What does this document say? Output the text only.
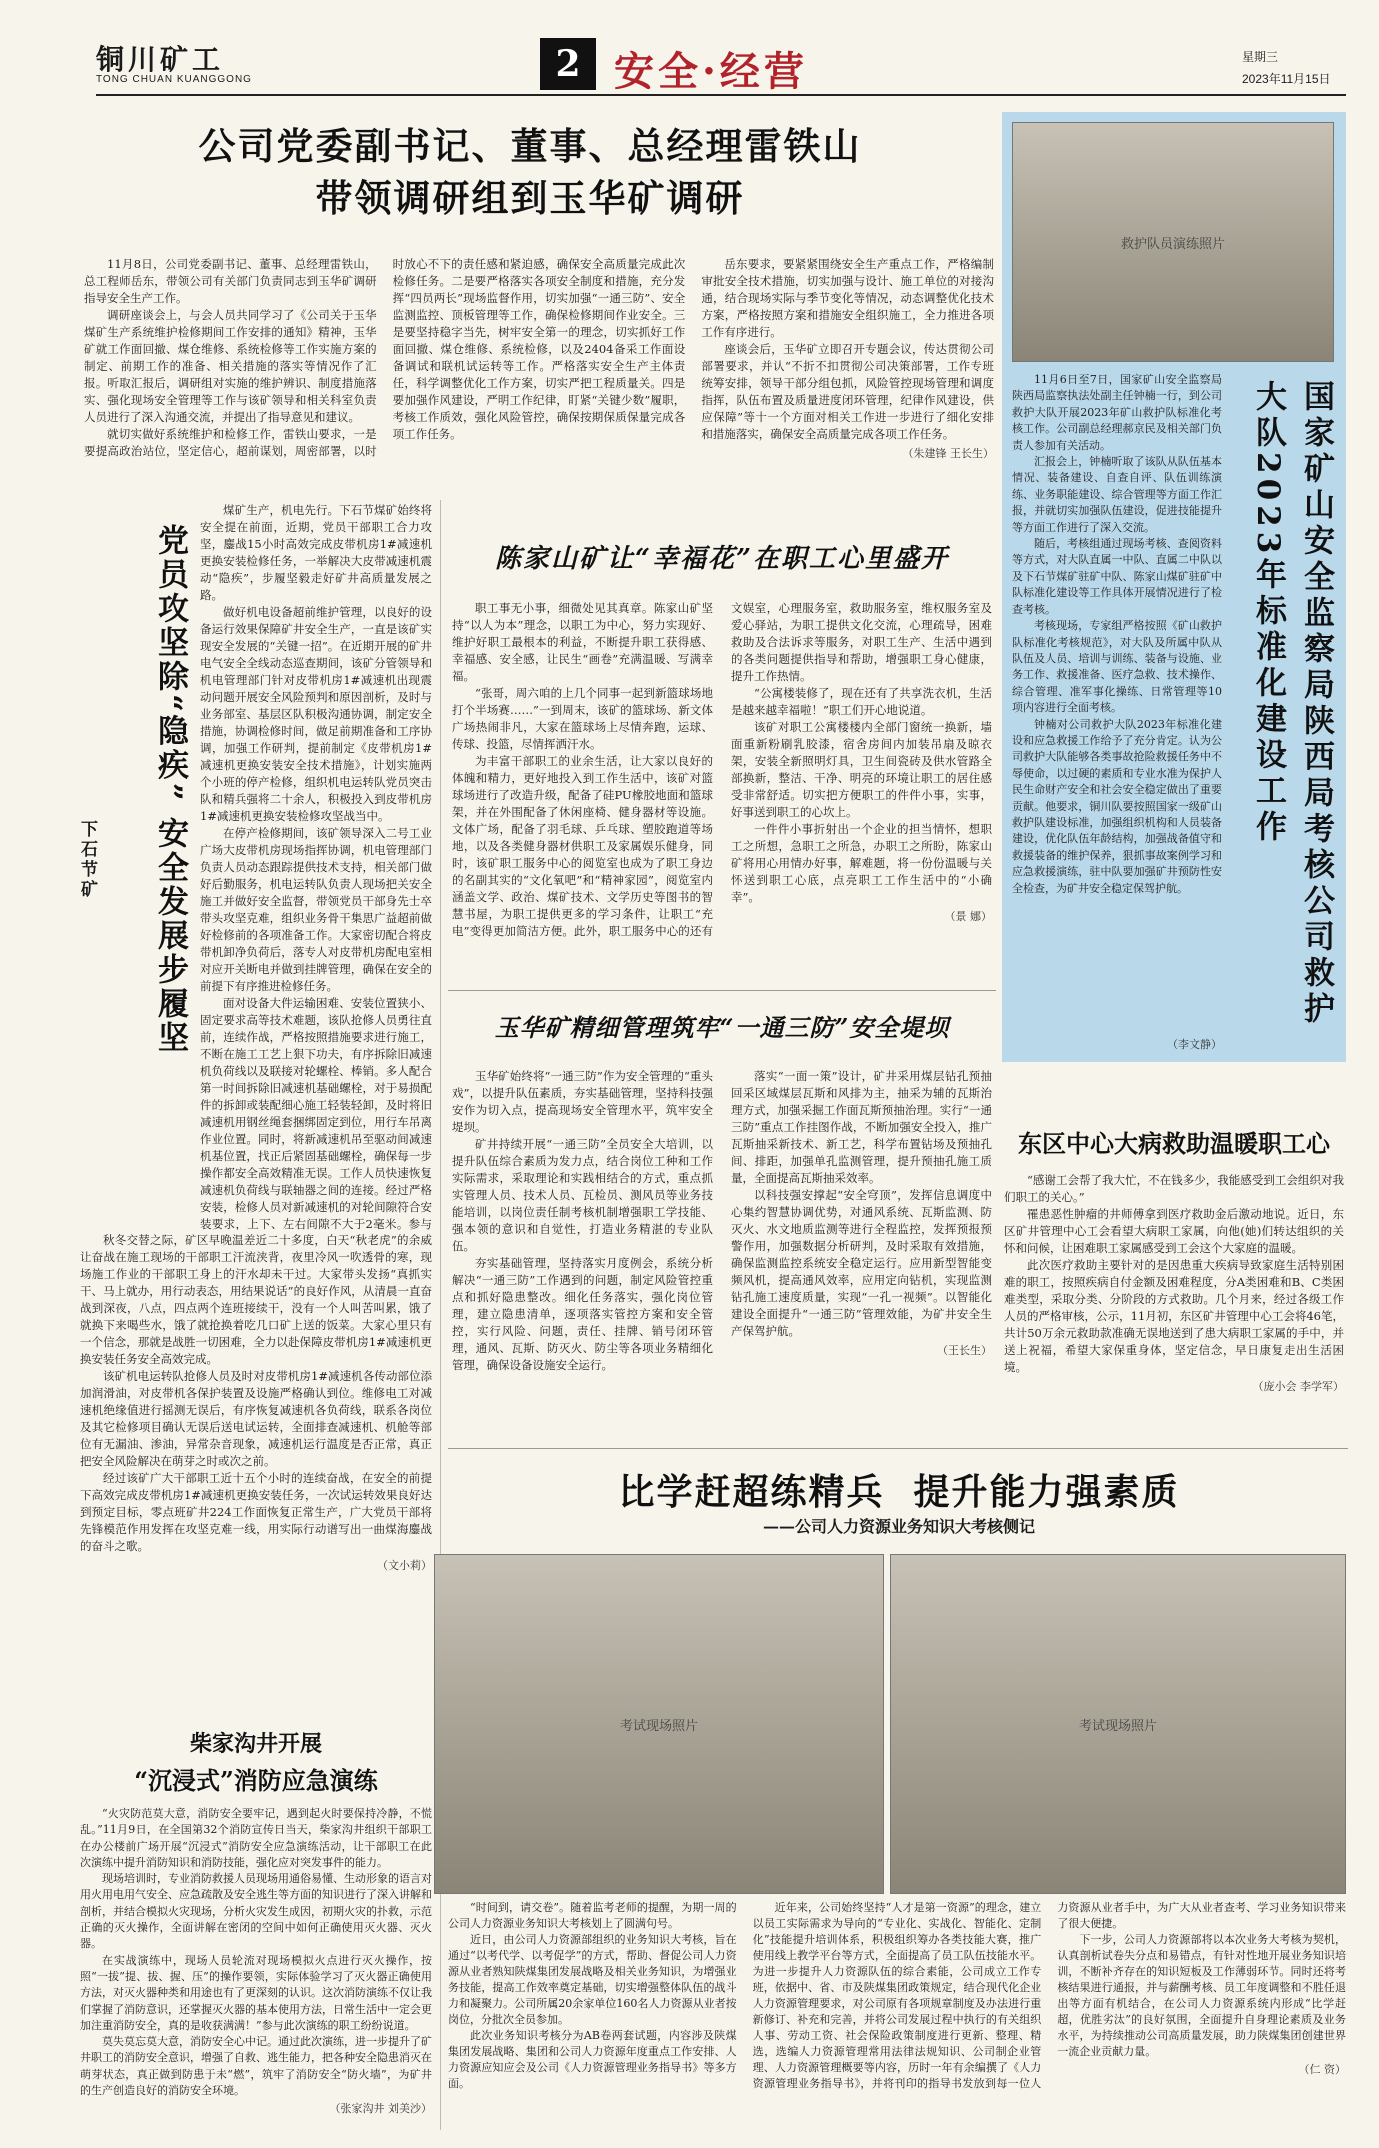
铜川矿工
TONG CHUAN KUANGGONG	2 安全·经营	星期三
2023年11月15日
公司党委副书记、董事、总经理雷铁山
带领调研组到玉华矿调研

11月8日，公司党委副书记、董事、总经理雷铁山，总工程师岳东，带领公司有关部门负责同志到玉华矿调研指导安全生产工作。

调研座谈会上，与会人员共同学习了《公司关于玉华煤矿生产系统维护检修期间工作安排的通知》精神，玉华矿就工作面回撤、煤仓维修、系统检修等工作实施方案的制定、前期工作的准备、相关措施的落实等情况作了汇报。听取汇报后，调研组对实施的维护辨识、制度措施落实、强化现场安全管理等工作与该矿领导和相关科室负责人员进行了深入沟通交流，并提出了指导意见和建议。

就切实做好系统维护和检修工作，雷铁山要求，一是要提高政治站位，坚定信心，超前谋划，周密部署，以时时放心不下的责任感和紧迫感，确保安全高质量完成此次检修任务。二是要严格落实各项安全制度和措施，充分发挥“四员两长”现场监督作用，切实加强“一通三防”、安全监测监控、顶板管理等工作，确保检修期间作业安全。三是要坚持稳字当先，树牢安全第一的理念，切实抓好工作面回撤、煤仓维修、系统检修，以及2404备采工作面设备调试和联机试运转等工作。严格落实安全生产主体责任，科学调整优化工作方案，切实严把工程质量关。四是要加强作风建设，严明工作纪律，盯紧“关键少数”履职，考核工作质效，强化风险管控，确保按期保质保量完成各项工作任务。

岳东要求，要紧紧围绕安全生产重点工作，严格编制审批安全技术措施，切实加强与设计、施工单位的对接沟通，结合现场实际与季节变化等情况，动态调整优化技术方案，严格按照方案和措施安全组织施工，全力推进各项工作有序进行。

座谈会后，玉华矿立即召开专题会议，传达贯彻公司部署要求，并认“不折不扣贯彻公司决策部署，工作专班统筹安排，领导干部分组包抓，风险管控现场管理和调度指挥，队伍布置及质量进度闭环管理，纪律作风建设，供应保障”等十一个方面对相关工作进一步进行了细化安排和措施落实，确保安全高质量完成各项工作任务。

（朱建锋 王长生）
救护队员演练照片

11月6日至7日，国家矿山安全监察局陕西局监察执法处副主任钟楠一行，到公司救护大队开展2023年矿山救护队标准化考核工作。公司副总经理郝京民及相关部门负责人参加有关活动。

汇报会上，钟楠听取了该队从队伍基本情况、装备建设、自查自评、队伍训练演练、业务职能建设、综合管理等方面工作汇报，并就切实加强队伍建设，促进技能提升等方面工作进行了深入交流。

随后，考核组通过现场考核、查阅资料等方式，对大队直属一中队、直属二中队以及下石节煤矿驻矿中队、陈家山煤矿驻矿中队标准化建设等工作具体开展情况进行了检查考核。

考核现场，专家组严格按照《矿山救护队标准化考核规范》，对大队及所属中队从队伍及人员、培训与训练、装备与设施、业务工作、救援准备、医疗急救、技术操作、综合管理、准军事化操练、日常管理等10项内容进行全面考核。

钟楠对公司救护大队2023年标准化建设和应急救援工作给予了充分肯定。认为公司救护大队能够各类事故抢险救援任务中不辱使命，以过硬的素质和专业水准为保护人民生命财产安全和社会安全稳定做出了重要贡献。他要求，铜川队要按照国家一级矿山救护队建设标准，加强组织机构和人员装备建设，优化队伍年龄结构，加强战备值守和救援装备的维护保养，狠抓事故案例学习和应急救援演练，驻中队要加强矿井预防性安全检查，为矿井安全稳定保驾护航。

（李文静）
国家矿山安全监察局陕西局考核公司救护大队2023年标准化建设工作
党员攻坚除“隐疾” 安全发展步履坚
下石节矿

煤矿生产，机电先行。下石节煤矿始终将安全提在前面，近期，党员干部职工合力攻坚，鏖战15小时高效完成皮带机房1#减速机更换安装检修任务，一举解决大皮带减速机震动“隐疾”，步履坚毅走好矿井高质量发展之路。

做好机电设备超前维护管理，以良好的设备运行效果保障矿井安全生产，一直是该矿实现安全发展的“关键一招”。在近期开展的矿井电气安全全线动态巡查期间，该矿分管领导和机电管理部门针对皮带机房1#减速机出现震动问题开展安全风险预判和原因剖析，及时与业务部室、基层区队积极沟通协调，制定安全措施，协调检修时间，做足前期准备和工序协调，加强工作研判，提前制定《皮带机房1#减速机更换安装安全技术措施》，计划实施两个小班的停产检修，组织机电运转队党员突击队和精兵强将二十余人，积极投入到皮带机房1#减速机更换安装检修攻坚战当中。

在停产检修期间，该矿领导深入二号工业广场大皮带机房现场指挥协调，机电管理部门负责人员动态跟踪提供技术支持，相关部门做好后勤服务，机电运转队负责人现场把关安全施工并做好安全监督，带领党员干部身先士卒带头攻坚克难，组织业务骨干集思广益超前做好检修前的各项准备工作。大家密切配合将皮带机卸净负荷后，落专人对皮带机房配电室相对应开关断电并做到挂牌管理，确保在安全的前提下有序推进检修任务。

面对设备大件运输困难、安装位置狭小、固定要求高等技术难题，该队抢修人员勇往直前，连续作战，严格按照措施要求进行施工，不断在施工工艺上狠下功夫，有序拆除旧减速机负荷线以及联接对轮螺栓、棒销。多人配合第一时间拆除旧减速机基础螺栓，对于易损配件的拆卸或装配细心施工轻装轻卸，及时将旧减速机用钢丝绳套捆绑固定到位，用行车吊离作业位置。同时，将新减速机吊至驱动间减速机基位置，找正后紧固基础螺栓，确保每一步操作都安全高效精准无误。工作人员快速恢复减速机负荷线与联轴器之间的连接。经过严格安装，检修人员对新减速机的对轮间隙符合安装要求，上下、左右间隙不大于2毫米。参与

秋冬交替之际，矿区早晚温差近二十多度，白天“秋老虎”的余威让奋战在施工现场的干部职工汗流浃背，夜里冷风一吹透骨的寒，现场施工作业的干部职工身上的汗水却未干过。大家带头发扬“真抓实干、马上就办，用行动表态，用结果说话”的良好作风，从清晨一直奋战到深夜，八点，四点两个连班接续干，没有一个人叫苦叫累，饿了就换下来喝些水，饿了就抢换着吃几口矿上送的饭菜。大家心里只有一个信念，那就是战胜一切困难，全力以赴保障皮带机房1#减速机更换安装任务安全高效完成。

该矿机电运转队抢修人员及时对皮带机房1#减速机各传动部位添加润滑油，对皮带机各保护装置及设施严格确认到位。维修电工对减速机绝缘值进行摇测无误后，有序恢复减速机各负荷线，联系各岗位及其它检修项目确认无误后送电试运转，全面排查减速机、机舱等部位有无漏油、渗油，异常杂音现象，减速机运行温度是否正常，真正把安全风险解决在萌芽之时或次之前。

经过该矿广大干部职工近十五个小时的连续奋战，在安全的前提下高效完成皮带机房1#减速机更换安装任务，一次试运转效果良好达到预定目标，零点班矿井224工作面恢复正常生产，广大党员干部将先锋模范作用发挥在攻坚克难一线，用实际行动谱写出一曲煤海鏖战的奋斗之歌。

（文小莉）
柴家沟井开展
“沉浸式”消防应急演练

“火灾防范莫大意，消防安全要牢记，遇到起火时要保持冷静，不慌乱。”11月9日，在全国第32个消防宣传日当天，柴家沟井组织干部职工在办公楼前广场开展“沉浸式”消防安全应急演练活动，让干部职工在此次演练中提升消防知识和消防技能，强化应对突发事件的能力。

现场培训时，专业消防救援人员现场用通俗易懂、生动形象的语言对用火用电用气安全、应急疏散及安全逃生等方面的知识进行了深入讲解和剖析，并结合模拟火灾现场，分析火灾发生成因，初期火灾的扑救，示范正确的灭火操作，全面讲解在密闭的空间中如何正确使用灭火器、灭火器。

在实战演练中，现场人员轮流对现场模拟火点进行灭火操作，按照“一拔”提、拔、握、压”的操作要领，实际体验学习了灭火器正确使用方法，对灭火器种类和用途也有了更深刻的认识。这次消防演练不仅让我们掌握了消防意识，还掌握灭火器的基本使用方法，日常生活中一定会更加注重消防安全，真的是收获满满！”参与此次演练的职工纷纷说道。

莫失莫忘莫大意，消防安全心中记。通过此次演练，进一步提升了矿井职工的消防安全意识，增强了自救、逃生能力，把各种安全隐患消灭在萌芽状态，真正做到防患于未“燃”，筑牢了消防安全“防火墙”，为矿井的生产创造良好的消防安全环境。

（张家沟井 刘美沙）
陈家山矿让“幸福花”在职工心里盛开

职工事无小事，细微处见其真章。陈家山矿坚持“以人为本”理念，以职工为中心，努力实现好、维护好职工最根本的利益，不断提升职工获得感、幸福感、安全感，让民生“画卷”充满温暖、写满幸福。

“张哥，周六咱的上几个同事一起到新篮球场地打个半场赛……”一到周末，该矿的篮球场、新文体广场热闹非凡，大家在篮球场上尽情奔跑，运球、传球、投篮，尽情挥洒汗水。

为丰富干部职工的业余生活，让大家以良好的体魄和精力，更好地投入到工作生活中，该矿对篮球场进行了改造升级，配备了硅PU橡胶地面和篮球架，并在外围配备了休闲座椅、健身器材等设施。文体广场，配备了羽毛球、乒乓球、塑胶跑道等场地，以及各类健身器材供职工及家属娱乐健身，同时，该矿职工服务中心的阅览室也成为了职工身边的名副其实的“文化氧吧”和“精神家园”，阅览室内涵盖文学、政治、煤矿技术、文学历史等图书的智慧书屋，为职工提供更多的学习条件，让职工“充电”变得更加简洁方便。此外，职工服务中心的还有文娱室，心理服务室，救助服务室，维权服务室及爱心驿站，为职工提供文化交流，心理疏导，困难救助及合法诉求等服务，对职工生产、生活中遇到的各类问题提供指导和帮助，增强职工身心健康，提升工作热情。

“公寓楼装修了，现在还有了共享洗衣机，生活是越来越幸福啦！”职工们开心地说道。

该矿对职工公寓楼楼内全部门窗统一换新，墙面重新粉刷乳胶漆，宿舍房间内加装吊扇及晾衣架，安装全新照明灯具，卫生间瓷砖及供水管路全部换新，整洁、干净、明亮的环境让职工的居住感受非常舒适。切实把方便职工的件件小事，实事，好事送到职工的心坎上。

一件件小事折射出一个企业的担当情怀，想职工之所想，急职工之所急，办职工之所盼，陈家山矿将用心用情办好事，解难题，将一份份温暖与关怀送到职工心底，点亮职工工作生活中的“小确幸”。

（景 娜）
玉华矿精细管理筑牢“一通三防”安全堤坝

玉华矿始终将“一通三防”作为安全管理的“重头戏”，以提升队伍素质，夯实基础管理，坚持科技强安作为切入点，提高现场安全管理水平，筑牢安全堤坝。

矿井持续开展“一通三防”全员安全大培训，以提升队伍综合素质为发力点，结合岗位工种和工作实际需求，采取理论和实践相结合的方式，重点抓实管理人员、技术人员、瓦检员、测风员等业务技能培训，以岗位责任制考核机制增强职工学技能、强本领的意识和自觉性，打造业务精湛的专业队伍。

夯实基础管理，坚持落实月度例会，系统分析解决“一通三防”工作遇到的问题，制定风险管控重点和抓好隐患整改。细化任务落实，强化岗位管理，建立隐患清单，逐项落实管控方案和安全管控，实行风险、问题，责任、挂牌、销号闭环管理，通风、瓦斯、防灭火、防尘等各项业务精细化管理，确保设备设施安全运行。

落实“一面一策”设计，矿井采用煤层钻孔预抽回采区域煤层瓦斯和风排为主，抽采为辅的瓦斯治理方式，加强采掘工作面瓦斯预抽治理。实行“一通三防”重点工作挂图作战，不断加强安全投入，推广瓦斯抽采新技术、新工艺，科学布置钻场及预抽孔间、排距，加强单孔监测管理，提升预抽孔施工质量，全面提高瓦斯抽采效率。

以科技强安撑起“安全穹顶”，发挥信息调度中心集约智慧协调优势，对通风系统、瓦斯监测、防灭火、水文地质监测等进行全程监控，发挥预报预警作用，加强数据分析研判，及时采取有效措施，确保监测监控系统安全稳定运行。应用新型智能变频风机，提高通风效率，应用定向钻机，实现监测钻孔施工速度质量，实现“一孔一视频”。以智能化建设全面提升“一通三防”管理效能，为矿井安全生产保驾护航。

（王长生）
东区中心大病救助温暖职工心

“感谢工会帮了我大忙，不在钱多少，我能感受到工会组织对我们职工的关心。”

罹患恶性肿瘤的井师傅拿到医疗救助金后激动地说。近日，东区矿井管理中心工会看望大病职工家属，向他(她)们转达组织的关怀和问候，让困难职工家属感受到工会这个大家庭的温暖。

此次医疗救助主要针对的是因患重大疾病导致家庭生活特别困难的职工，按照疾病自付金额及困难程度，分A类困难和B、C类困难类型，采取分类、分阶段的方式救助。几个月来，经过各级工作人员的严格审核，公示，11月初，东区矿井管理中心工会将46笔，共计50万余元救助款准确无误地送到了患大病职工家属的手中，并送上祝福，希望大家保重身体，坚定信念，早日康复走出生活困境。

（庞小会 李学军）
比学赶超练精兵  提升能力强素质
——公司人力资源业务知识大考核侧记
考试现场照片	考试现场照片

“时间到，请交卷”。随着监考老师的提醒，为期一周的公司人力资源业务知识大考核划上了圆满句号。

近日，由公司人力资源部组织的业务知识大考核，旨在通过“以考代学、以考促学”的方式，帮助、督促公司人力资源从业者熟知陕煤集团发展战略及相关业务知识，为增强业务技能，提高工作效率奠定基础，切实增强整体队伍的战斗力和凝聚力。公司所属20余家单位160名人力资源从业者按岗位，分批次全员参加。

此次业务知识考核分为AB卷两套试题，内容涉及陕煤集团发展战略、集团和公司人力资源年度重点工作安排、人力资源应知应会及公司《人力资源管理业务指导书》等多方面。

近年来，公司始终坚持“人才是第一资源”的理念，建立以员工实际需求为导向的“专业化、实战化、智能化、定制化”技能提升培训体系，积极组织筹办各类技能大赛，推广使用线上教学平台等方式，全面提高了员工队伍技能水平。为进一步提升人力资源队伍的综合素能，公司成立工作专班，依据中、省、市及陕煤集团政策规定，结合现代化企业人力资源管理要求，对公司原有各项规章制度及办法进行重新修订、补充和完善，并将公司发展过程中执行的有关组织人事、劳动工资、社会保险政策制度进行更新、整理、精选，选编人力资源管理常用法律法规知识、公司制企业管理、人力资源管理概要等内容，历时一年有余编撰了《人力资源管理业务指导书》，并将刊印的指导书发放到每一位人力资源从业者手中，为广大从业者查考、学习业务知识带来了很大便捷。

下一步，公司人力资源部将以本次业务大考核为契机，认真剖析试卷失分点和易错点，有针对性地开展业务知识培训，不断补齐存在的知识短板及工作薄弱环节。同时还将考核结果进行通报，并与薪酬考核、员工年度调整和不胜任退出等方面有机结合，在公司人力资源系统内形成“比学赶超，优胜劣汰”的良好氛围，全面提升自身理论素质及业务水平，为持续推动公司高质量发展，助力陕煤集团创建世界一流企业贡献力量。

（仁 资）
